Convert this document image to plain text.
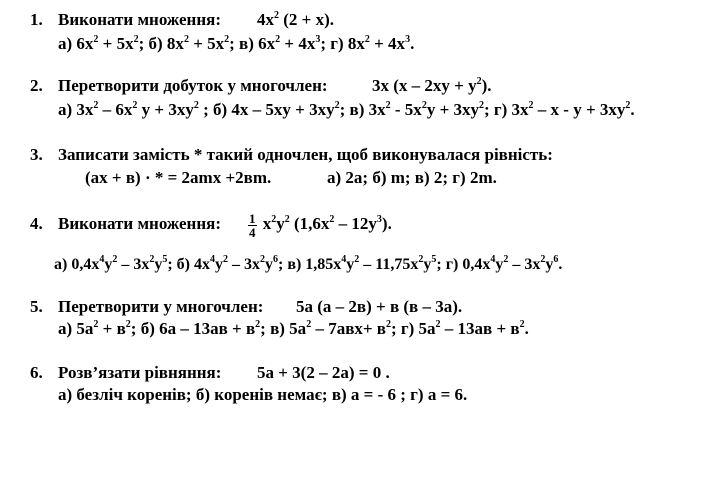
1. Виконати множення: $4x^2$ (2 + x).
а) $6x^2 + 5x^2$; б) $8x^2 + 5x^2$; в) $6x^2 + 4x^3$; г) $8x^2 + 4x^3$.
2. Перетворити добуток у многочлен:	3x $(x - 2xy + y^2)$.
а) $3x^2 - 6x^2$ $y + 3xy^2$ ; б) $4x - 5xy + 3xy^2$; в) $3x^2 - 5x^2y + 3xy^2$; г) $3x^2 - x - y + 3xy^2$.
3. Записати замість * такий одночлен, щоб виконувалася рівність:
(ах + в) · * = 2аmх +2вm.	а) 2а; б) m; в) 2; г) 2m.
4. Виконати множення: $\frac{1}{4} x^2y^2$ $(1,6x^2 - 12y^3)$.
а) $0,4x^4y^2 - 3x^2y^5$; б) $4x^4y^2 - 3x^2y^6$; в) $1,85x^4y^2 - 11,75x^2y^5$; г) $0,4x^4y^2 - 3x^2y^6$.
5. Перетворити у многочлен: 5а (а – 2в) + в (в – 3а).
а) $5а^2 + в^2$; б) $6а - 13ав + в^2$; в) $5а^2 - 7авх+ в^2$; г) $5а^2 - 13ав + в^2$.
6. Розв’язати рівняння: 5а + 3(2 – 2а) = 0 .
а) безліч коренів; б) коренів немає; в) а = - 6 ; г) а = 6.
